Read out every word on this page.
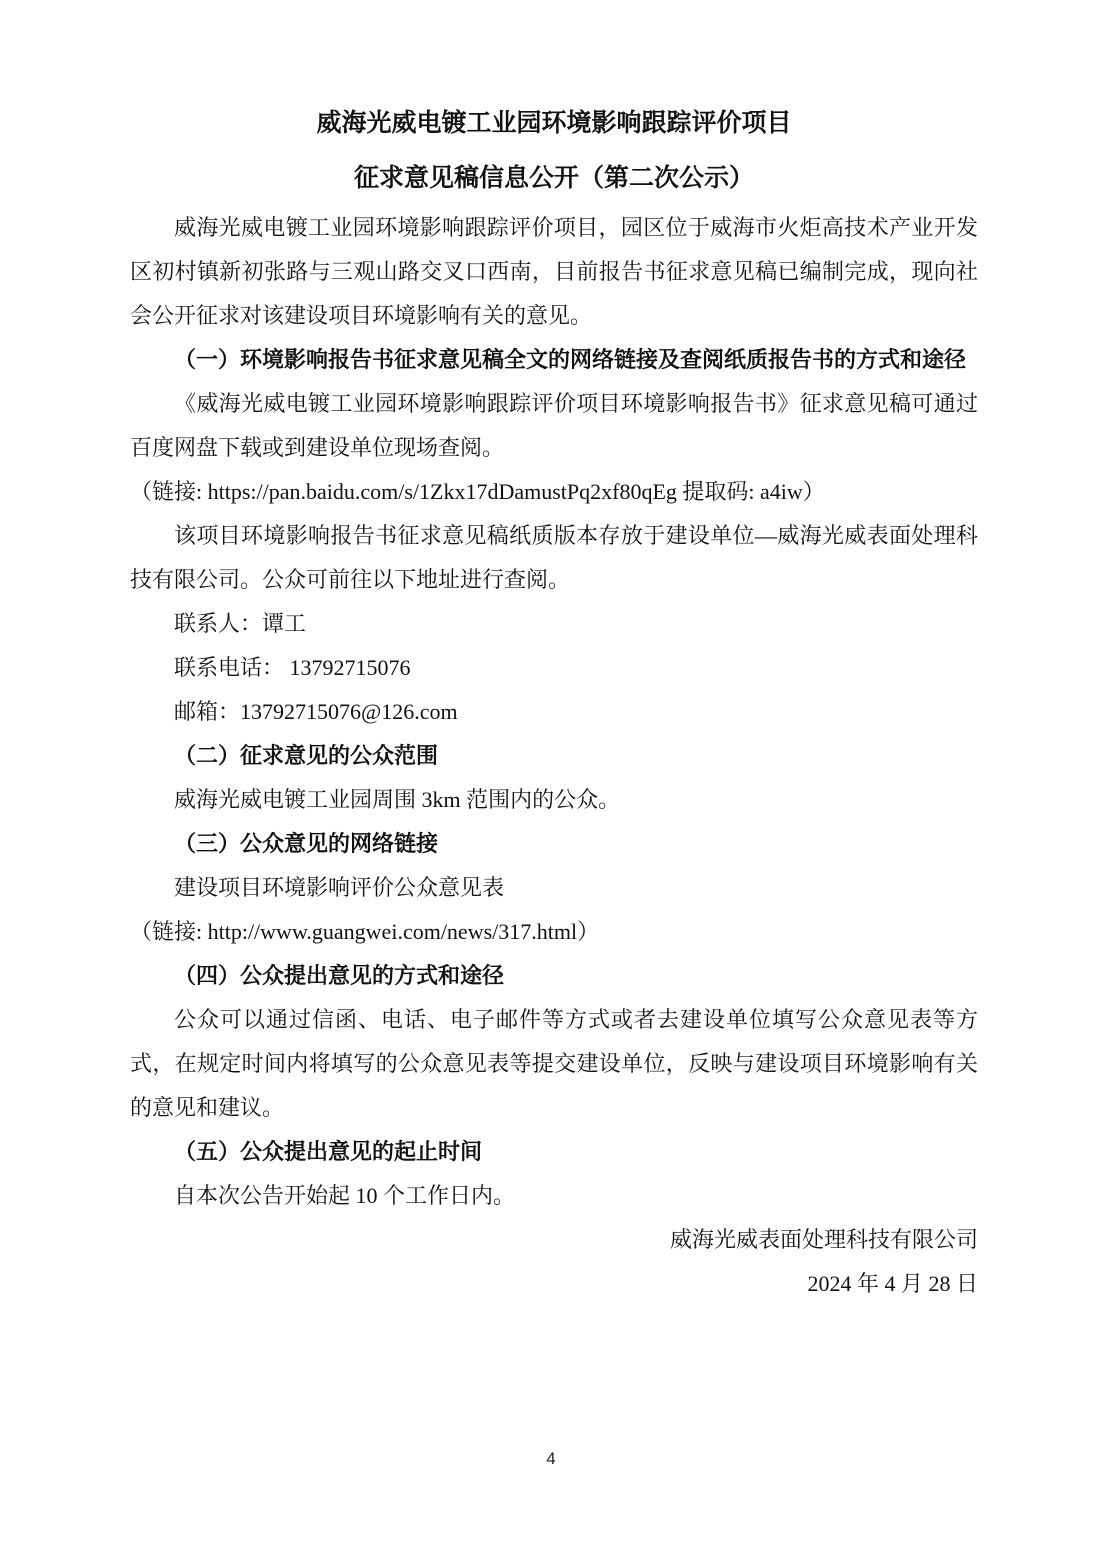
威海光威电镀工业园环境影响跟踪评价项目
征求意见稿信息公开（第二次公示）

威海光威电镀工业园环境影响跟踪评价项目，园区位于威海市火炬高技术产业开发区初村镇新初张路与三观山路交叉口西南，目前报告书征求意见稿已编制完成，现向社会公开征求对该建设项目环境影响有关的意见。

（一）环境影响报告书征求意见稿全文的网络链接及查阅纸质报告书的方式和途径

《威海光威电镀工业园环境影响跟踪评价项目环境影响报告书》征求意见稿可通过百度网盘下载或到建设单位现场查阅。

（链接: https://pan.baidu.com/s/1Zkx17dDamustPq2xf80qEg 提取码: a4iw）

该项目环境影响报告书征求意见稿纸质版本存放于建设单位—威海光威表面处理科技有限公司。公众可前往以下地址进行查阅。

联系人：谭工

联系电话： 13792715076

邮箱：13792715076@126.com

（二）征求意见的公众范围

威海光威电镀工业园周围 3km 范围内的公众。

（三）公众意见的网络链接

建设项目环境影响评价公众意见表

（链接: http://www.guangwei.com/news/317.html）

（四）公众提出意见的方式和途径

公众可以通过信函、电话、电子邮件等方式或者去建设单位填写公众意见表等方式，在规定时间内将填写的公众意见表等提交建设单位，反映与建设项目环境影响有关的意见和建议。

（五）公众提出意见的起止时间

自本次公告开始起 10 个工作日内。

威海光威表面处理科技有限公司

2024 年 4 月 28 日

4
